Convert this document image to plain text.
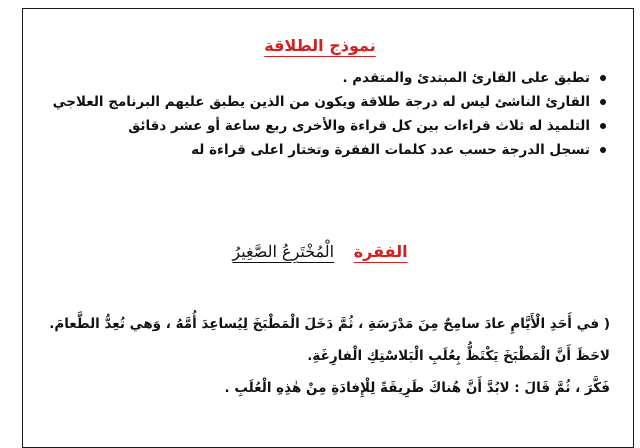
نموذج الطلاقة
تطبق على القارئ المبتدئ والمتقدم .
القارئ الناشئ ليس له درجة طلاقة ويكون من الذين يطبق عليهم البرنامج العلاجي
التلميذ له ثلاث قراءات بين كل قراءة والأخرى ربع ساعة أو عشر دقائق
تسجل الدرجة حسب عدد كلمات الفقرة وتختار اعلى قراءة له
الفقرة الْمُخْتَرِعُ الصَّغِيرُ

( في أَحَدِ الْأَيَّامِ عادَ سامِحٌ مِنَ مَدْرَسَةِ ، ثُمَّ دَخَلَ الْمَطْبَخَ لِيُساعِدَ أُمَّهُ ، وَهي تُعِدُّ الطَّعامَ.

لاحَظَ أَنَّ الْمَطْبَخَ يَكْتَظُّ بِعُلَبِ الْبَلاسْتِكِ الْفارِغَةِ.

فَكَّرَ ، ثُمَّ قَالَ : لابُدَّ أَنَّ هُناكَ طَرِيقَةً لِلْإِفادَةِ مِنْ هٰذِهِ الْعُلَبِ .
